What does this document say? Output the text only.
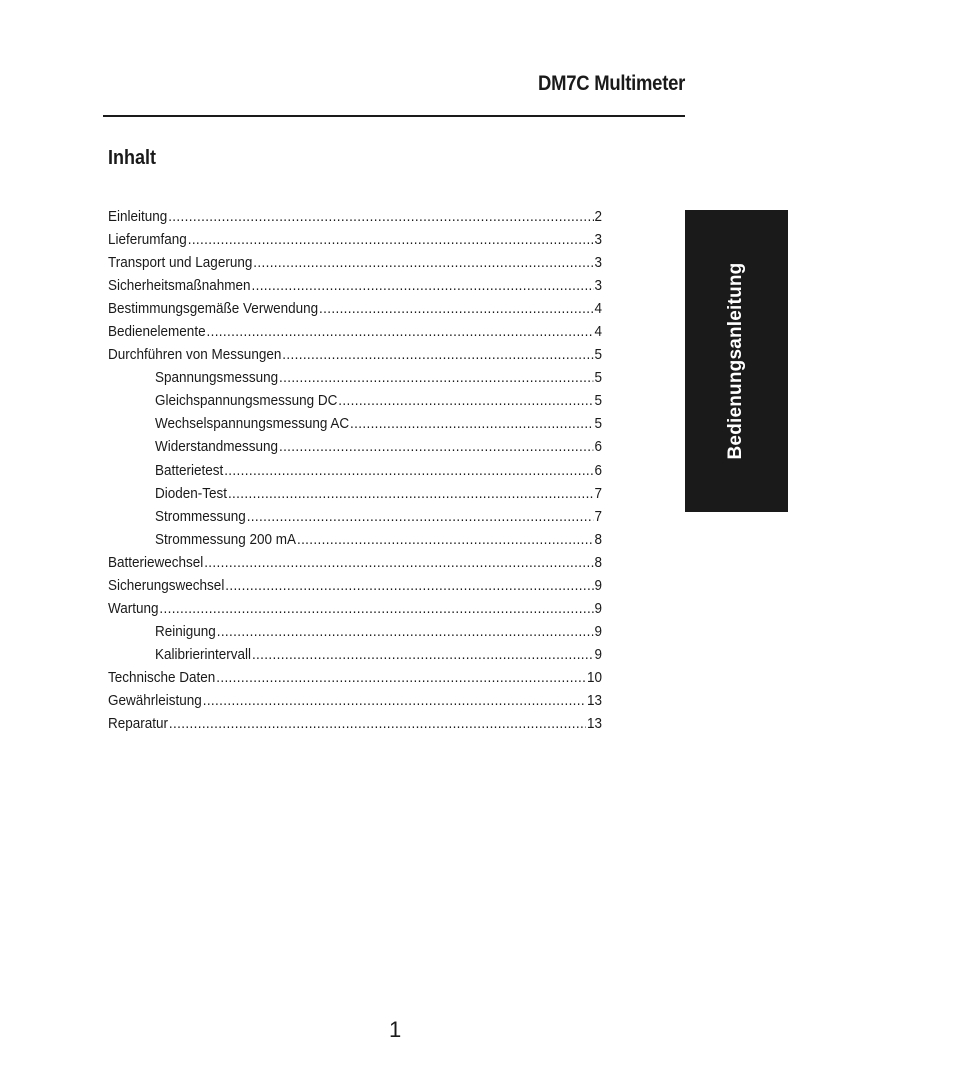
DM7C Multimeter
Inhalt
Einleitung .....	2
Lieferumfang .....	3
Transport und Lagerung .....	3
Sicherheitsmaßnahmen .....	3
Bestimmungsgemäße Verwendung .....	4
Bedienelemente .....	4
Durchführen von Messungen .....	5
Spannungsmessung .....	5
Gleichspannungsmessung DC .....	5
Wechselspannungsmessung AC .....	5
Widerstandmessung .....	6
Batterietest .....	6
Dioden-Test .....	7
Strommessung .....	7
Strommessung 200 mA .....	8
Batteriewechsel .....	8
Sicherungswechsel .....	9
Wartung .....	9
Reinigung .....	9
Kalibrierintervall .....	9
Technische Daten .....	10
Gewährleistung .....	13
Reparatur .....	13
Bedienungsanleitung
1
